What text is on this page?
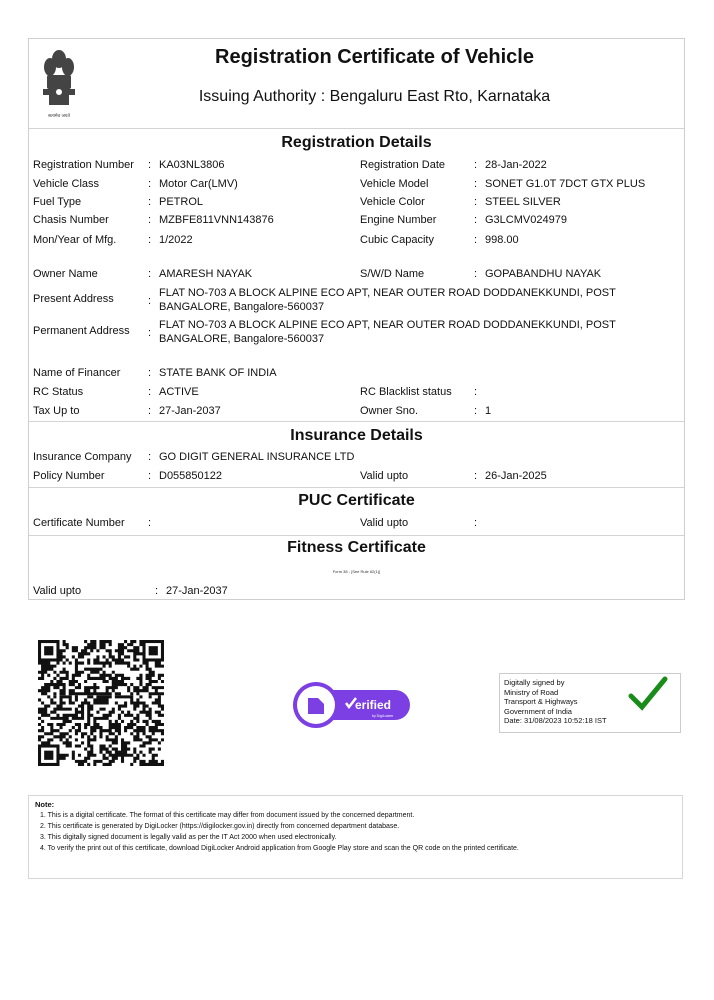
सत्यमेव जयते
Registration Certificate of Vehicle
Issuing Authority : Bengaluru East Rto, Karnataka
Registration Details
Registration Number : KA03NL3806	Registration Date	: 28-Jan-2022
Vehicle Class	: Motor Car(LMV)	Vehicle Model	: SONET G1.0T 7DCT GTX PLUS
Fuel Type	: PETROL	Vehicle Color	: STEEL SILVER
Chasis Number	: MZBFE811VNN143876	Engine Number	: G3LCMV024979
Mon/Year of Mfg.	: 1/2022	Cubic Capacity	: 998.00
Owner Name	: AMARESH NAYAK	S/W/D Name	: GOPABANDHU NAYAK
Present Address	:
FLAT NO-703 A BLOCK ALPINE ECO APT, NEAR OUTER ROAD DODDANEKKUNDI, POST BANGALORE, Bangalore-560037
Permanent Address :
FLAT NO-703 A BLOCK ALPINE ECO APT, NEAR OUTER ROAD DODDANEKKUNDI, POST BANGALORE, Bangalore-560037
Name of Financer	: STATE BANK OF INDIA
RC Status	: ACTIVE	RC Blacklist status :
Tax Up to	: 27-Jan-2037	Owner Sno.	: 1
Insurance Details
Insurance Company : GO DIGIT GENERAL INSURANCE LTD
Policy Number	: D055850122	Valid upto	: 26-Jan-2025
PUC Certificate
Certificate Number :	Valid upto	:
Fitness Certificate
Form 38 - [See Rule 62(1)]
Valid upto	: 27-Jan-2037
erified
by DigiLocker
Digitally signed by
Ministry of Road
Transport & Highways
Government of India
Date: 31/08/2023 10:52:18 IST
Note:
1. This is a digital certificate. The format of this certificate may differ from document issued by the concerned department.
2. This certificate is generated by DigiLocker (https://digilocker.gov.in) directly from concerned department database.
3. This digitally signed document is legally valid as per the IT Act 2000 when used electronically.
4. To verify the print out of this certificate, download DigiLocker Android application from Google Play store and scan the QR code on the printed certificate.
